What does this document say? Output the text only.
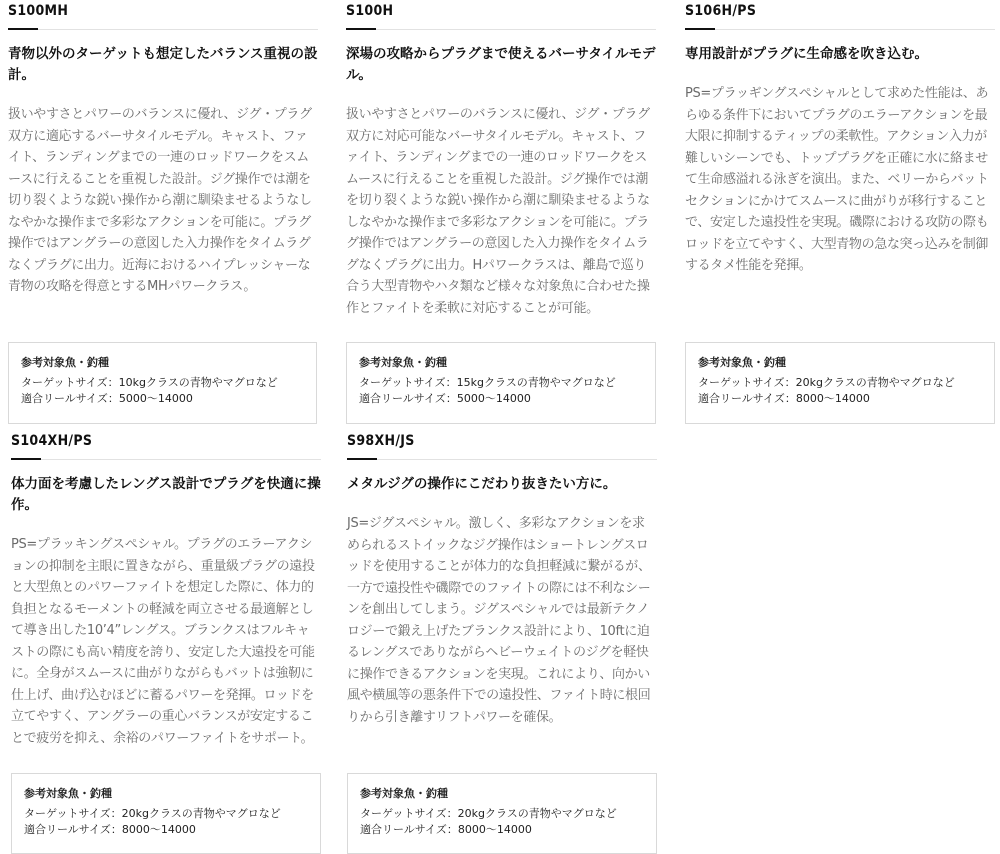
S100MH
青物以外のターゲットも想定したバランス重視の設計。
扱いやすさとパワーのバランスに優れ、ジグ・プラグ双方に適応するバーサタイルモデル。キャスト、ファイト、ランディングまでの一連のロッドワークをスムースに行えることを重視した設計。ジグ操作では潮を切り裂くような鋭い操作から潮に馴染ませるようなしなやかな操作まで多彩なアクションを可能に。プラグ操作ではアングラーの意図した入力操作をタイムラグなくプラグに出力。近海におけるハイプレッシャーな青物の攻略を得意とするMHパワークラス。
参考対象魚・釣種
ターゲットサイズ：10kgクラスの青物やマグロなど
適合リールサイズ：5000〜14000
S100H
深場の攻略からプラグまで使えるバーサタイルモデル。
扱いやすさとパワーのバランスに優れ、ジグ・プラグ双方に対応可能なバーサタイルモデル。キャスト、ファイト、ランディングまでの一連のロッドワークをスムースに行えることを重視した設計。ジグ操作では潮を切り裂くような鋭い操作から潮に馴染ませるようなしなやかな操作まで多彩なアクションを可能に。プラグ操作ではアングラーの意図した入力操作をタイムラグなくプラグに出力。Hパワークラスは、離島で巡り合う大型青物やハタ類など様々な対象魚に合わせた操作とファイトを柔軟に対応することが可能。
参考対象魚・釣種
ターゲットサイズ：15kgクラスの青物やマグロなど
適合リールサイズ：5000〜14000
S106H/PS
専用設計がプラグに生命感を吹き込む。
PS=プラッギングスペシャルとして求めた性能は、あらゆる条件下においてプラグのエラーアクションを最大限に抑制するティップの柔軟性。アクション入力が難しいシーンでも、トッププラグを正確に水に絡ませて生命感溢れる泳ぎを演出。また、ベリーからバットセクションにかけてスムースに曲がりが移行することで、安定した遠投性を実現。磯際における攻防の際もロッドを立てやすく、大型青物の急な突っ込みを制御するタメ性能を発揮。
参考対象魚・釣種
ターゲットサイズ：20kgクラスの青物やマグロなど
適合リールサイズ：8000〜14000
S104XH/PS
体力面を考慮したレングス設計でプラグを快適に操作。
PS=プラッキングスペシャル。プラグのエラーアクションの抑制を主眼に置きながら、重量級プラグの遠投と大型魚とのパワーファイトを想定した際に、体力的負担となるモーメントの軽減を両立させる最適解として導き出した10’4”レングス。ブランクスはフルキャストの際にも高い精度を誇り、安定した大遠投を可能に。全身がスムースに曲がりながらもバットは強靭に仕上げ、曲げ込むほどに蓄るパワーを発揮。ロッドを立てやすく、アングラーの重心バランスが安定することで疲労を抑え、余裕のパワーファイトをサポート。
参考対象魚・釣種
ターゲットサイズ：20kgクラスの青物やマグロなど
適合リールサイズ：8000〜14000
S98XH/JS
メタルジグの操作にこだわり抜きたい方に。
JS=ジグスペシャル。激しく、多彩なアクションを求められるストイックなジグ操作はショートレングスロッドを使用することが体力的な負担軽減に繋がるが、一方で遠投性や磯際でのファイトの際には不利なシーンを創出してしまう。ジグスペシャルでは最新テクノロジーで鍛え上げたブランクス設計により、10ftに迫るレングスでありながらヘビーウェイトのジグを軽快に操作できるアクションを実現。これにより、向かい風や横風等の悪条件下での遠投性、ファイト時に根回りから引き離すリフトパワーを確保。
参考対象魚・釣種
ターゲットサイズ：20kgクラスの青物やマグロなど
適合リールサイズ：8000〜14000
